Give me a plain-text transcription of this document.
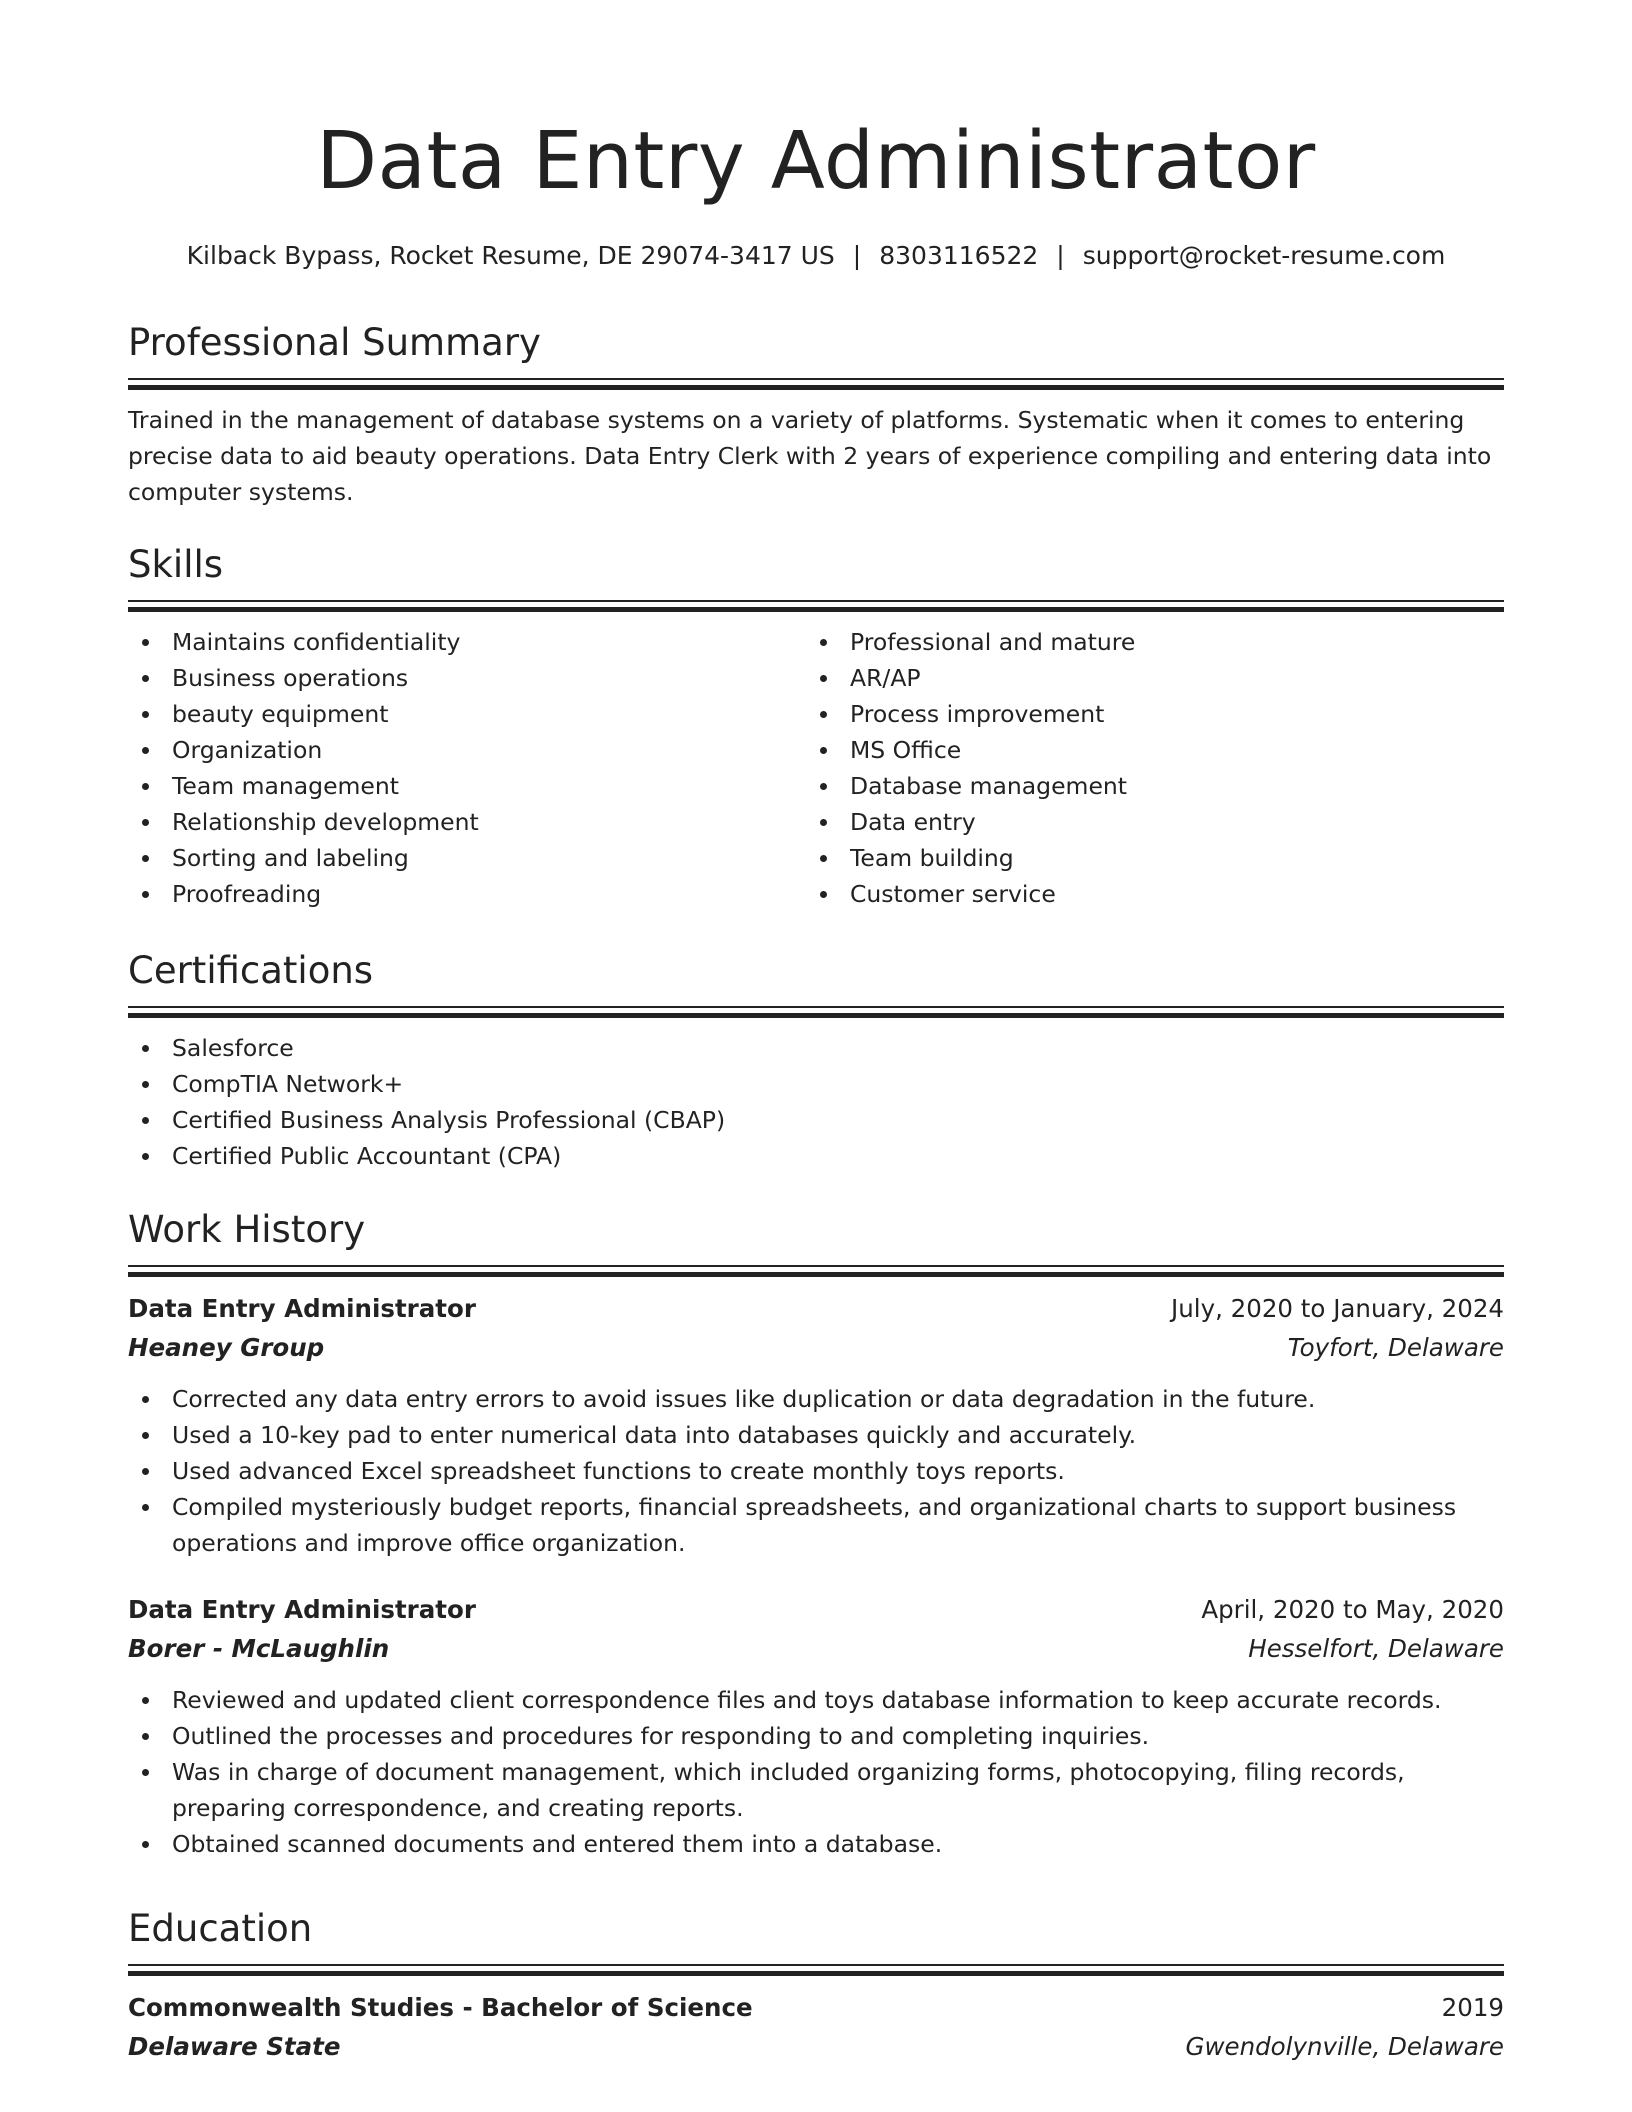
Data Entry Administrator
Kilback Bypass, Rocket Resume, DE 29074-3417 US | 8303116522 | support@rocket-resume.com
Professional Summary

Trained in the management of database systems on a variety of platforms. Systematic when it comes to entering precise data to aid beauty operations. Data Entry Clerk with 2 years of experience compiling and entering data into computer systems.

Skills
Maintains confidentiality
Business operations
beauty equipment
Organization
Team management
Relationship development
Sorting and labeling
Proofreading
Professional and mature
AR/AP
Process improvement
MS Office
Database management
Data entry
Team building
Customer service
Certifications
Salesforce
CompTIA Network+
Certified Business Analysis Professional (CBAP)
Certified Public Accountant (CPA)
Work History
Data Entry Administrator	July, 2020 to January, 2024
Heaney Group	Toyfort, Delaware
Corrected any data entry errors to avoid issues like duplication or data degradation in the future.
Used a 10-key pad to enter numerical data into databases quickly and accurately.
Used advanced Excel spreadsheet functions to create monthly toys reports.
Compiled mysteriously budget reports, financial spreadsheets, and organizational charts to support business operations and improve office organization.
Data Entry Administrator	April, 2020 to May, 2020
Borer - McLaughlin	Hesselfort, Delaware
Reviewed and updated client correspondence files and toys database information to keep accurate records.
Outlined the processes and procedures for responding to and completing inquiries.
Was in charge of document management, which included organizing forms, photocopying, filing records, preparing correspondence, and creating reports.
Obtained scanned documents and entered them into a database.
Education
Commonwealth Studies - Bachelor of Science	2019
Delaware State	Gwendolynville, Delaware
